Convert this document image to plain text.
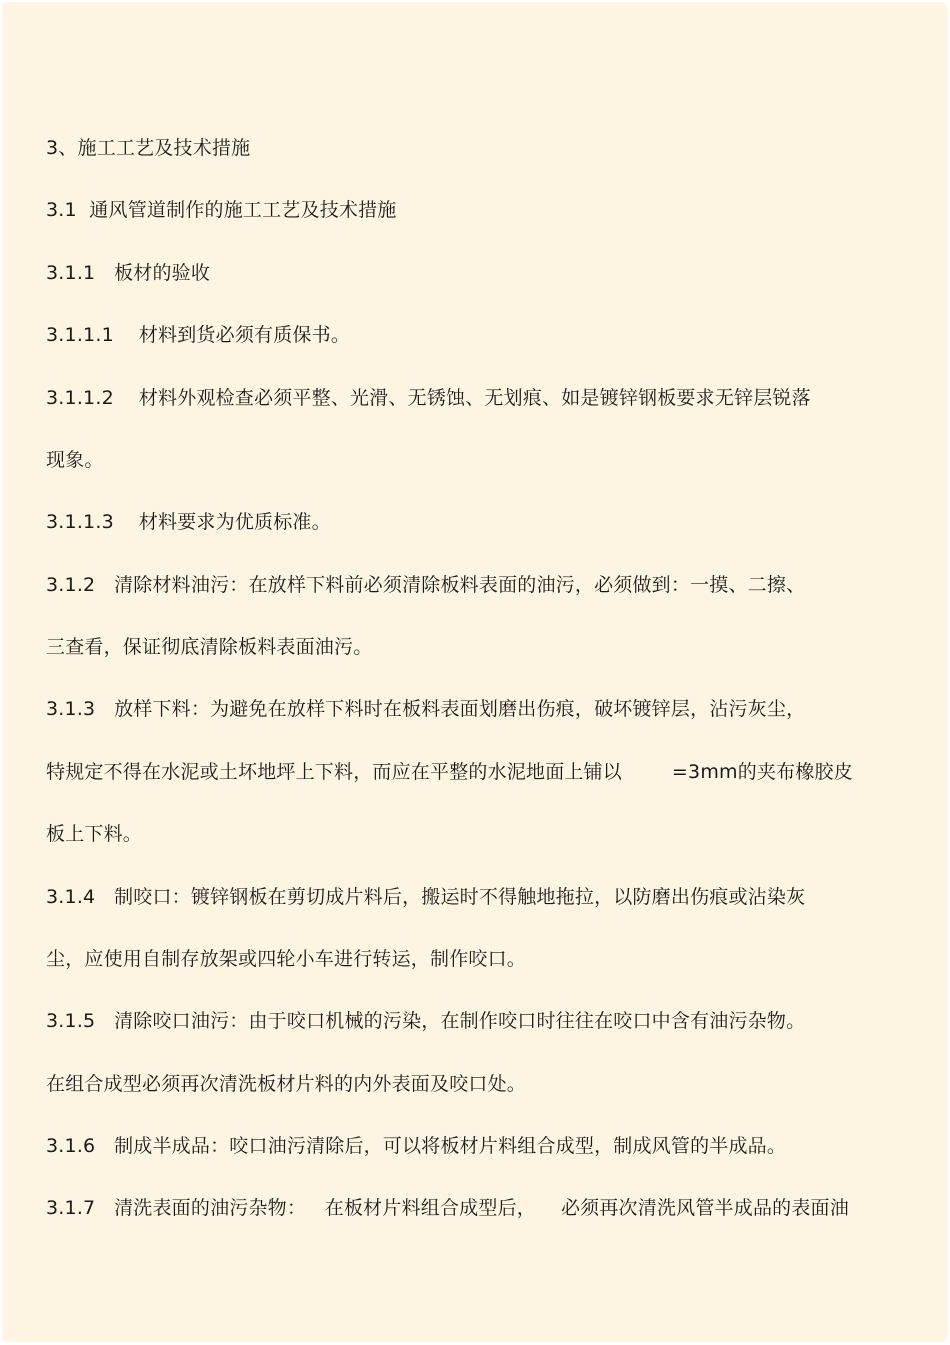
3、施工工艺及技术措施
3.1  通风管道制作的施工工艺及技术措施
3.1.1   板材的验收
3.1.1.1    材料到货必须有质保书。
3.1.1.2    材料外观检查必须平整、光滑、无锈蚀、无划痕、如是镀锌钢板要求无锌层锐落
现象。
3.1.1.3    材料要求为优质标准。
3.1.2   清除材料油污：在放样下料前必须清除板料表面的油污，必须做到：一摸、二擦、
三查看，保证彻底清除板料表面油污。
3.1.3   放样下料：为避免在放样下料时在板料表面划磨出伤痕，破坏镀锌层，沾污灰尘，
特规定不得在水泥或土坏地坪上下料，而应在平整的水泥地面上铺以        =3mm的夹布橡胶皮
板上下料。
3.1.4   制咬口：镀锌钢板在剪切成片料后，搬运时不得触地拖拉，以防磨出伤痕或沾染灰
尘，应使用自制存放架或四轮小车进行转运，制作咬口。
3.1.5   清除咬口油污：由于咬口机械的污染，在制作咬口时往往在咬口中含有油污杂物。
在组合成型必须再次清洗板材片料的内外表面及咬口处。
3.1.6   制成半成品：咬口油污清除后，可以将板材片料组合成型，制成风管的半成品。
3.1.7   清洗表面的油污杂物：   在板材片料组合成型后，    必须再次清洗风管半成品的表面油
